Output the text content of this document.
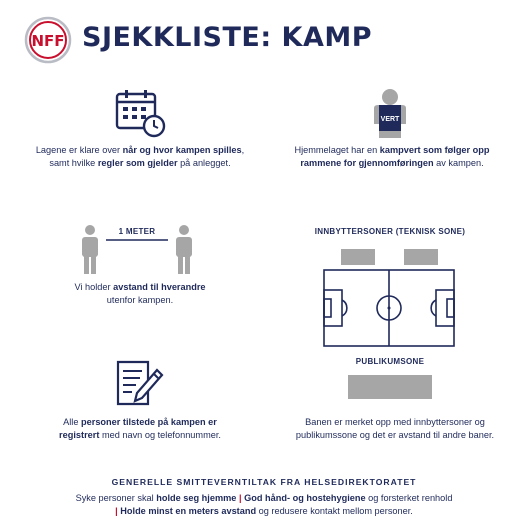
NFF SJEKKLISTE: KAMP
Lagene er klare over når og hvor kampen spilles,
samt hvilke regler som gjelder på anlegget.
VERT
Hjemmelaget har en kampvert som følger opp
rammene for gjennomføringen av kampen.
1 METER
Vi holder avstand til hverandre
utenfor kampen.
INNBYTTERSONER (TEKNISK SONE)
PUBLIKUMSONE
Banen er merket opp med innbyttersoner og
publikumssone og det er avstand til andre baner.
Alle personer tilstede på kampen er
registrert med navn og telefonnummer.
GENERELLE SMITTEVERNTILTAK FRA HELSEDIREKTORATET
Syke personer skal holde seg hjemme | God hånd- og hostehygiene og forsterket renhold
| Holde minst en meters avstand og redusere kontakt mellom personer.
